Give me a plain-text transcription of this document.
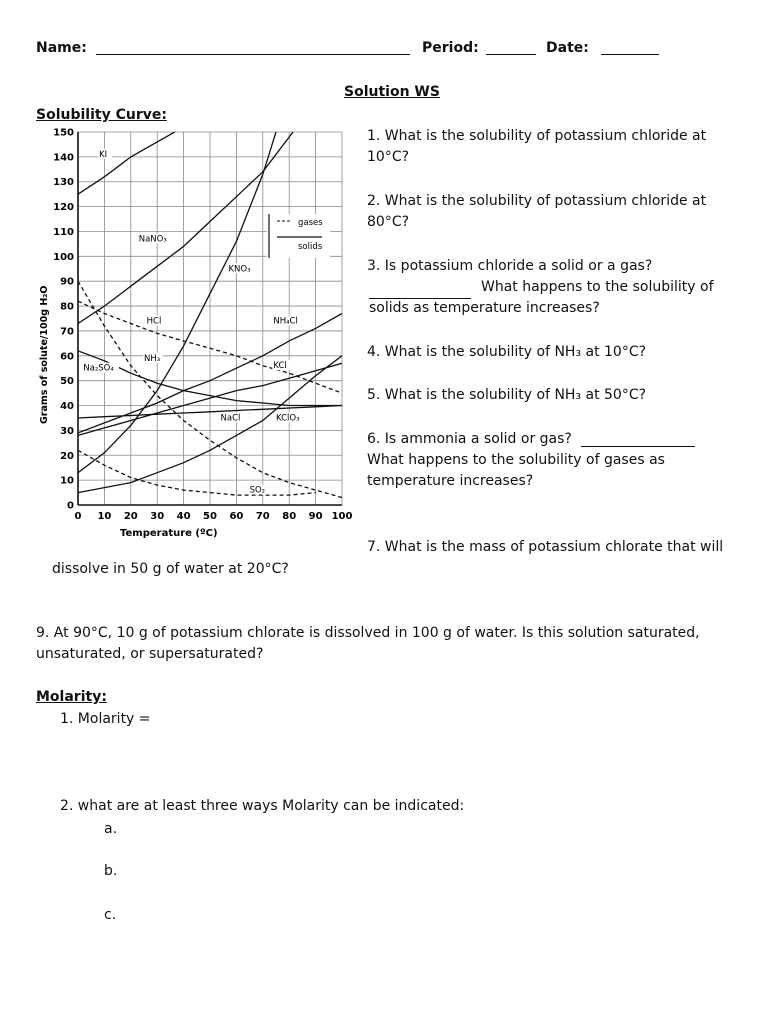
Name:	Period:	Date:
Solution WS
Solubility Curve:
0 10 20 30 40 50 60 70 80 90 100
0
10
20
30
40
50
60
70
80
90
100
110
120
130
140
150
KI
NaNO₃
KNO₃
HCl	NH₄Cl
NH₃
KCl
Na₂SO₄
NaCl	KClO₃
SO₂
gases
solids
Temperature (ºC)
Grams of solute/100g H₂O
1. What is the solubility of potassium chloride at 10°C?
2. What is the solubility of potassium chloride at 80°C?
3. Is potassium chloride a solid or a gas?
What happens to the solubility of solids as temperature increases?
4. What is the solubility of NH₃ at 10°C?
5. What is the solubility of NH₃ at 50°C?
6. Is ammonia a solid or gas?
What happens to the solubility of gases as temperature increases?
7. What is the mass of potassium chlorate that will
dissolve in 50 g of water at 20°C?
9. At 90°C, 10 g of potassium chlorate is dissolved in 100 g of water. Is this solution saturated, unsaturated, or supersaturated?
Molarity:
1. Molarity =
2. what are at least three ways Molarity can be indicated:
a.
b.
c.
